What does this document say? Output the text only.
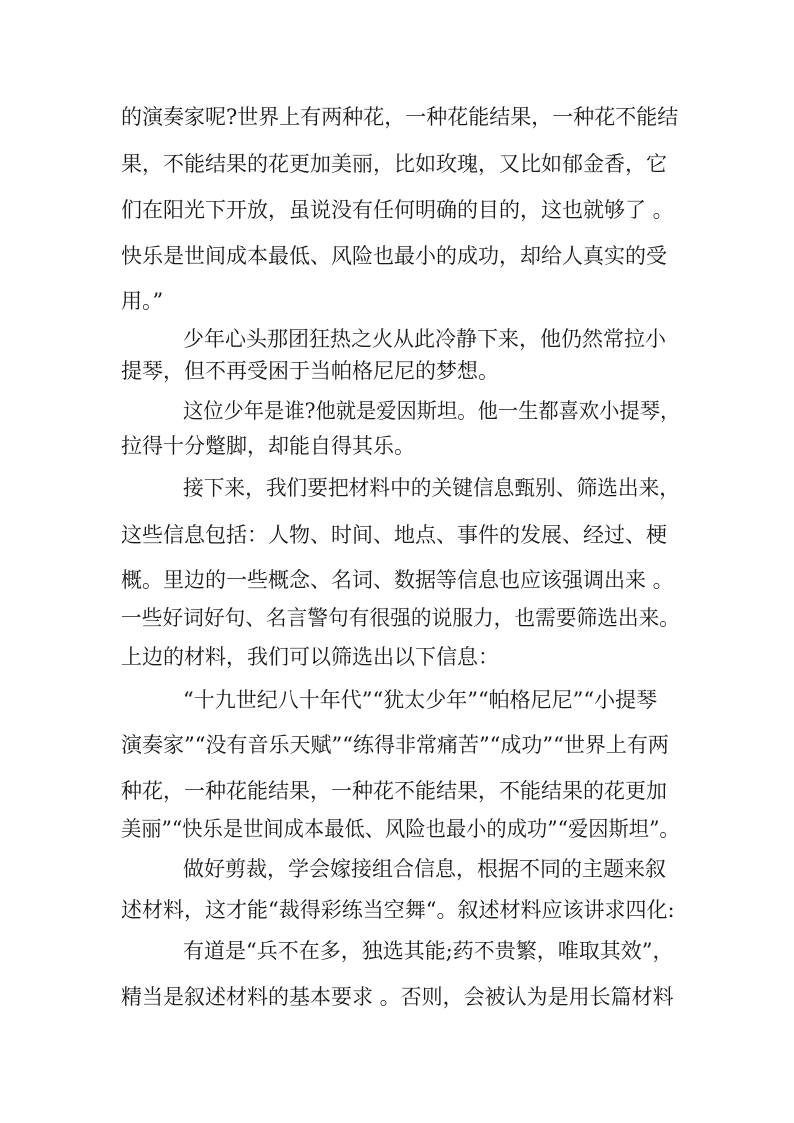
的演奏家呢?世界上有两种花，一种花能结果，一种花不能结
果，不能结果的花更加美丽，比如玫瑰，又比如郁金香，它
们在阳光下开放，虽说没有任何明确的目的，这也就够了 。
快乐是世间成本最低、风险也最小的成功，却给人真实的受
用。”
少年心头那团狂热之火从此冷静下来，他仍然常拉小
提琴，但不再受困于当帕格尼尼的梦想。
这位少年是谁?他就是爱因斯坦。他一生都喜欢小提琴，
拉得十分蹩脚，却能自得其乐。
接下来，我们要把材料中的关键信息甄别、筛选出来，
这些信息包括：人物、时间、地点、事件的发展、经过、梗
概。里边的一些概念、名词、数据等信息也应该强调出来 。
一些好词好句、名言警句有很强的说服力，也需要筛选出来。
上边的材料，我们可以筛选出以下信息：
“十九世纪八十年代”“犹太少年”“帕格尼尼”“小提琴
演奏家”“没有音乐天赋”“练得非常痛苦”“成功”“世界上有两
种花，一种花能结果，一种花不能结果，不能结果的花更加
美丽”“快乐是世间成本最低、风险也最小的成功”“爱因斯坦”。
做好剪裁，学会嫁接组合信息，根据不同的主题来叙
述材料，这才能“裁得彩练当空舞“。叙述材料应该讲求四化:
有道是“兵不在多，独选其能;药不贵繁，唯取其效”，
精当是叙述材料的基本要求 。否则，会被认为是用长篇材料
